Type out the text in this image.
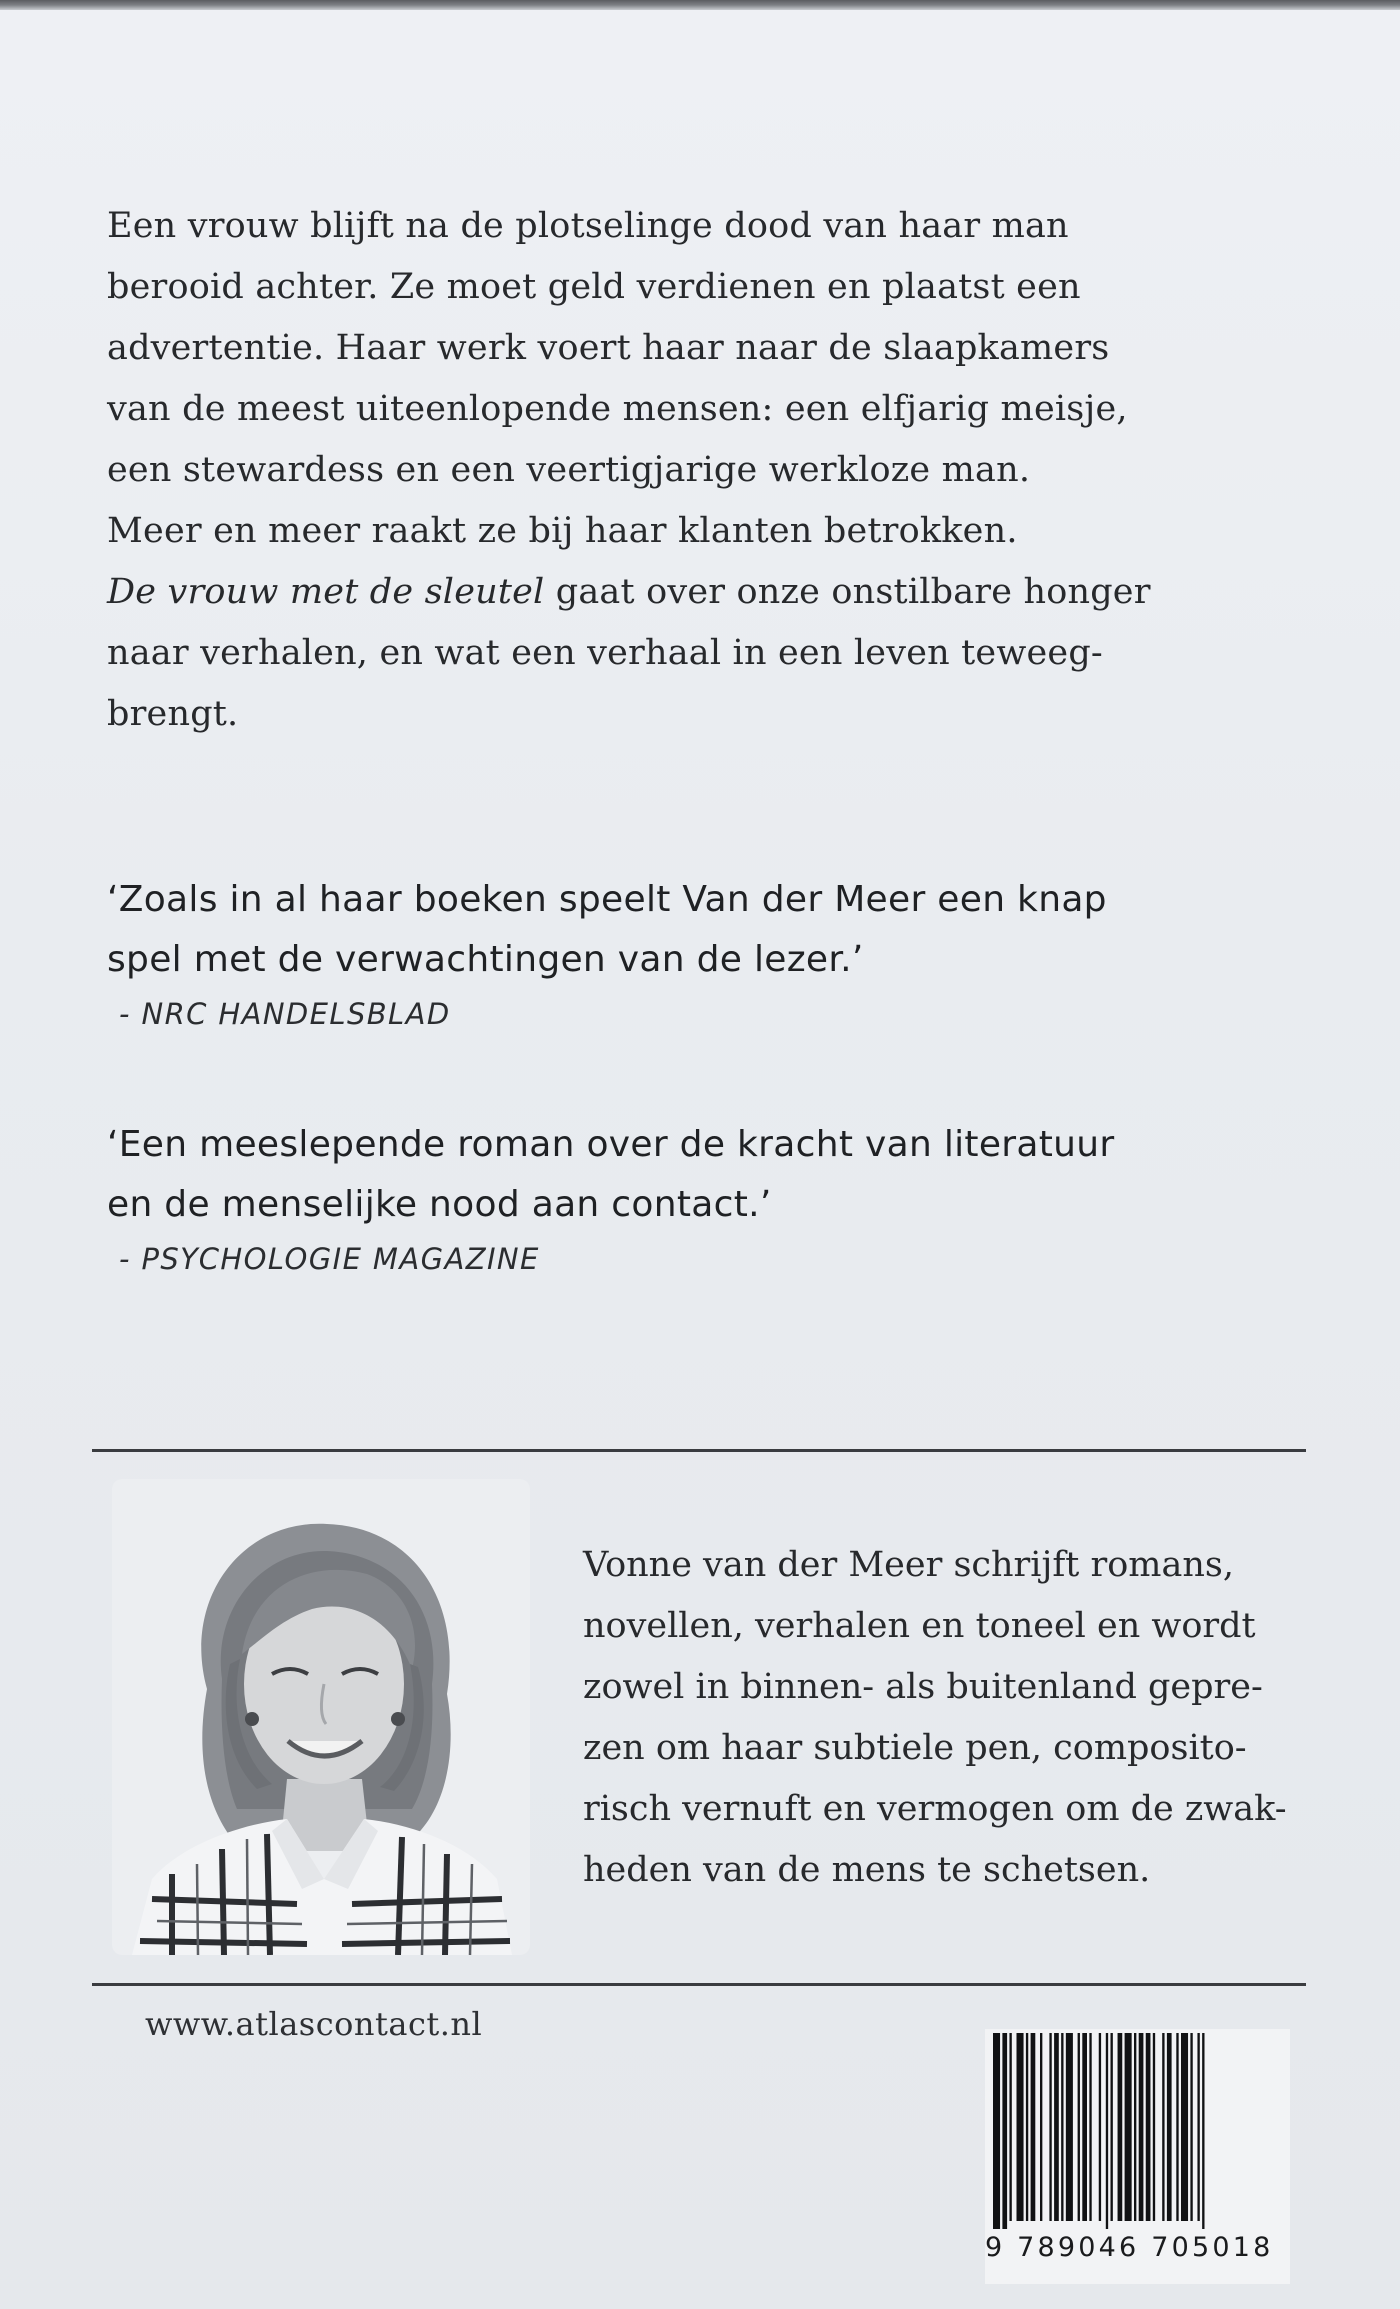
Een vrouw blijft na de plotselinge dood van haar man
berooid achter. Ze moet geld verdienen en plaatst een
advertentie. Haar werk voert haar naar de slaapkamers
van de meest uiteenlopende mensen: een elfjarig meisje,
een stewardess en een veertigjarige werkloze man.
Meer en meer raakt ze bij haar klanten betrokken.
De vrouw met de sleutel gaat over onze onstilbare honger
naar verhalen, en wat een verhaal in een leven teweeg-
brengt.
‘Zoals in al haar boeken speelt Van der Meer een knap
spel met de verwachtingen van de lezer.’
- NRC HANDELSBLAD
‘Een meeslepende roman over de kracht van literatuur
en de menselijke nood aan contact.’
- PSYCHOLOGIE MAGAZINE
Vonne van der Meer schrijft romans,
novellen, verhalen en toneel en wordt
zowel in binnen- als buitenland gepre-
zen om haar subtiele pen, composito-
risch vernuft en vermogen om de zwak-
heden van de mens te schetsen.
www.atlascontact.nl
9 789046 705018
